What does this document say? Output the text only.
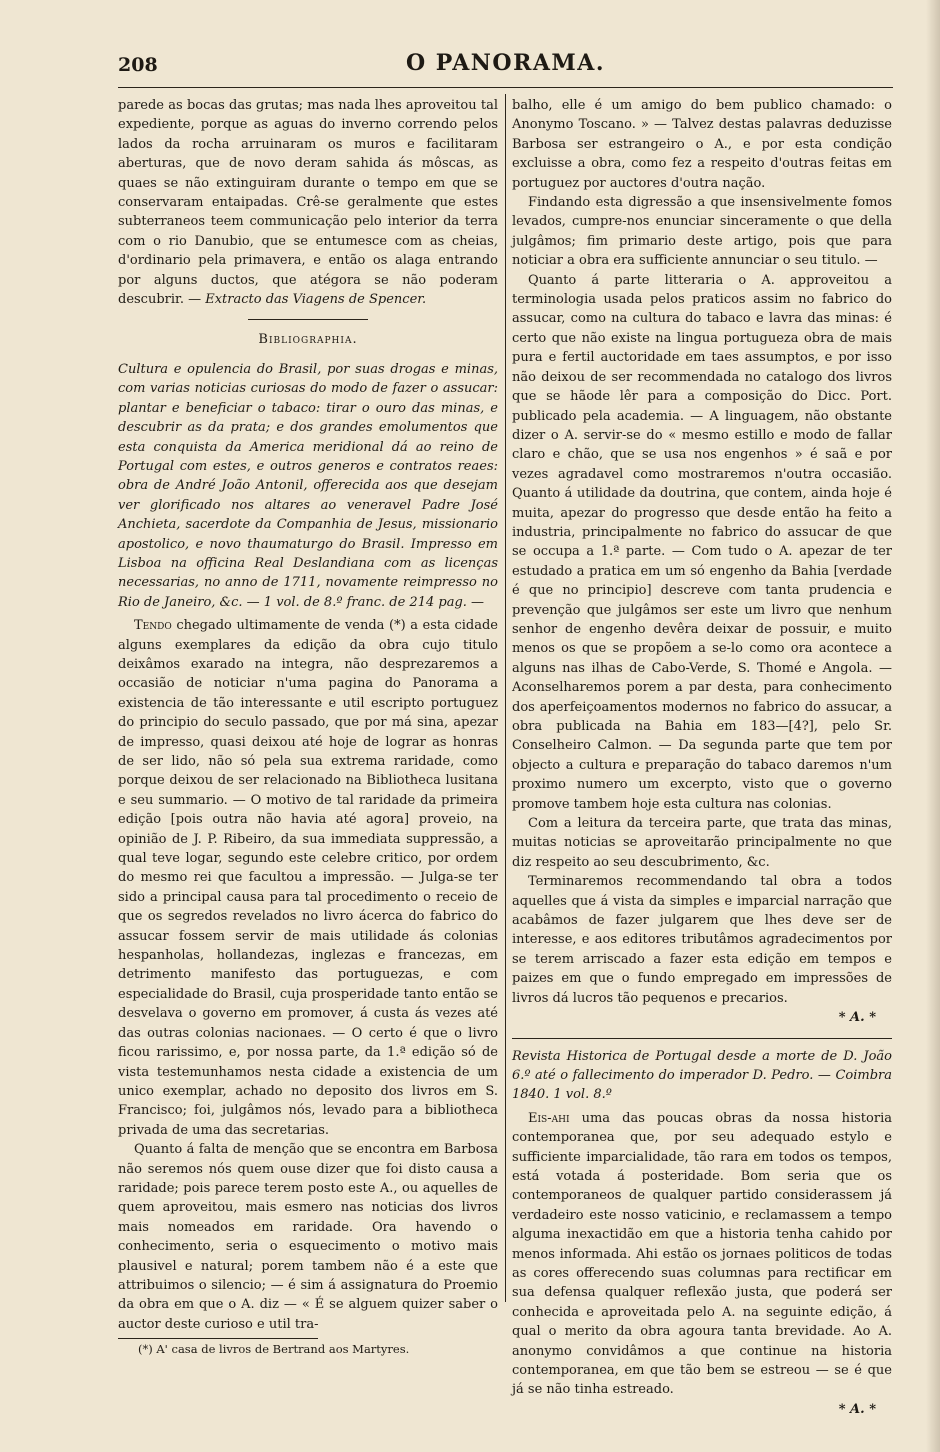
208	O PANORAMA.

parede as bocas das grutas; mas nada lhes aproveitou tal expediente, porque as aguas do inverno correndo pelos lados da rocha arruinaram os muros e facilitaram aberturas, que de novo deram sahida ás môscas, as quaes se não extinguiram durante o tempo em que se conservaram entaipadas. Crê-se geralmente que estes subterraneos teem communicação pelo interior da terra com o rio Danubio, que se entumesce com as cheias, d'ordinario pela primavera, e então os alaga entrando por alguns ductos, que atégora se não poderam descubrir. — Extracto das Viagens de Spencer.

Bibliographia.

Cultura e opulencia do Brasil, por suas drogas e minas, com varias noticias curiosas do modo de fazer o assucar: plantar e beneficiar o tabaco: tirar o ouro das minas, e descubrir as da prata; e dos grandes emolumentos que esta conquista da America meridional dá ao reino de Portugal com estes, e outros generos e contratos reaes: obra de André João Antonil, offerecida aos que desejam ver glorificado nos altares ao veneravel Padre José Anchieta, sacerdote da Companhia de Jesus, missionario apostolico, e novo thaumaturgo do Brasil. Impresso em Lisboa na officina Real Deslandiana com as licenças necessarias, no anno de 1711, novamente reimpresso no Rio de Janeiro, &c. — 1 vol. de 8.º franc. de 214 pag. —

Tendo chegado ultimamente de venda (*) a esta cidade alguns exemplares da edição da obra cujo titulo deixâmos exarado na integra, não desprezaremos a occasião de noticiar n'uma pagina do Panorama a existencia de tão interessante e util escripto portuguez do principio do seculo passado, que por má sina, apezar de impresso, quasi deixou até hoje de lograr as honras de ser lido, não só pela sua extrema raridade, como porque deixou de ser relacionado na Bibliotheca lusitana e seu summario. — O motivo de tal raridade da primeira edição [pois outra não havia até agora] proveio, na opinião de J. P. Ribeiro, da sua immediata suppressão, a qual teve logar, segundo este celebre critico, por ordem do mesmo rei que facultou a impressão. — Julga-se ter sido a principal causa para tal procedimento o receio de que os segredos revelados no livro ácerca do fabrico do assucar fossem servir de mais utilidade ás colonias hespanholas, hollandezas, inglezas e francezas, em detrimento manifesto das portuguezas, e com especialidade do Brasil, cuja prosperidade tanto então se desvelava o governo em promover, á custa ás vezes até das outras colonias nacionaes. — O certo é que o livro ficou rarissimo, e, por nossa parte, da 1.ª edição só de vista testemunhamos nesta cidade a existencia de um unico exemplar, achado no deposito dos livros em S. Francisco; foi, julgâmos nós, levado para a bibliotheca privada de uma das secretarias.

Quanto á falta de menção que se encontra em Barbosa não seremos nós quem ouse dizer que foi disto causa a raridade; pois parece terem posto este A., ou aquelles de quem aproveitou, mais esmero nas noticias dos livros mais nomeados em raridade. Ora havendo o conhecimento, seria o esquecimento o motivo mais plausivel e natural; porem tambem não é a este que attribuimos o silencio; — é sim á assignatura do Proemio da obra em que o A. diz — « É se alguem quizer saber o auctor deste curioso e util tra-

(*) A' casa de livros de Bertrand aos Martyres.

balho, elle é um amigo do bem publico chamado: o Anonymo Toscano. » — Talvez destas palavras deduzisse Barbosa ser estrangeiro o A., e por esta condição excluisse a obra, como fez a respeito d'outras feitas em portuguez por auctores d'outra nação.

Findando esta digressão a que insensivelmente fomos levados, cumpre-nos enunciar sinceramente o que della julgâmos; fim primario deste artigo, pois que para noticiar a obra era sufficiente annunciar o seu titulo. —

Quanto á parte litteraria o A. approveitou a terminologia usada pelos praticos assim no fabrico do assucar, como na cultura do tabaco e lavra das minas: é certo que não existe na lingua portugueza obra de mais pura e fertil auctoridade em taes assumptos, e por isso não deixou de ser recommendada no catalogo dos livros que se hãode lêr para a composição do Dicc. Port. publicado pela academia. — A linguagem, não obstante dizer o A. servir-se do « mesmo estillo e modo de fallar claro e chão, que se usa nos engenhos » é saã e por vezes agradavel como mostraremos n'outra occasião. Quanto á utilidade da doutrina, que contem, ainda hoje é muita, apezar do progresso que desde então ha feito a industria, principalmente no fabrico do assucar de que se occupa a 1.ª parte. — Com tudo o A. apezar de ter estudado a pratica em um só engenho da Bahia [verdade é que no principio] descreve com tanta prudencia e prevenção que julgâmos ser este um livro que nenhum senhor de engenho devêra deixar de possuir, e muito menos os que se propõem a se-lo como ora acontece a alguns nas ilhas de Cabo-Verde, S. Thomé e Angola. — Aconselharemos porem a par desta, para conhecimento dos aperfeiçoamentos modernos no fabrico do assucar, a obra publicada na Bahia em 183—[4?], pelo Sr. Conselheiro Calmon. — Da segunda parte que tem por objecto a cultura e preparação do tabaco daremos n'um proximo numero um excerpto, visto que o governo promove tambem hoje esta cultura nas colonias.

Com a leitura da terceira parte, que trata das minas, muitas noticias se aproveitarão principalmente no que diz respeito ao seu descubrimento, &c.

Terminaremos recommendando tal obra a todos aquelles que á vista da simples e imparcial narração que acabâmos de fazer julgarem que lhes deve ser de interesse, e aos editores tributâmos agradecimentos por se terem arriscado a fazer esta edição em tempos e paizes em que o fundo empregado em impressões de livros dá lucros tão pequenos e precarios.

* A. *

Revista Historica de Portugal desde a morte de D. João 6.º até o fallecimento do imperador D. Pedro. — Coimbra 1840. 1 vol. 8.º

Eis-ahi uma das poucas obras da nossa historia contemporanea que, por seu adequado estylo e sufficiente imparcialidade, tão rara em todos os tempos, está votada á posteridade. Bom seria que os contemporaneos de qualquer partido considerassem já verdadeiro este nosso vaticinio, e reclamassem a tempo alguma inexactidão em que a historia tenha cahido por menos informada. Ahi estão os jornaes politicos de todas as cores offerecendo suas columnas para rectificar em sua defensa qualquer reflexão justa, que poderá ser conhecida e aproveitada pelo A. na seguinte edição, á qual o merito da obra agoura tanta brevidade. Ao A. anonymo convidâmos a que continue na historia contemporanea, em que tão bem se estreou — se é que já se não tinha estreado.

* A. *
